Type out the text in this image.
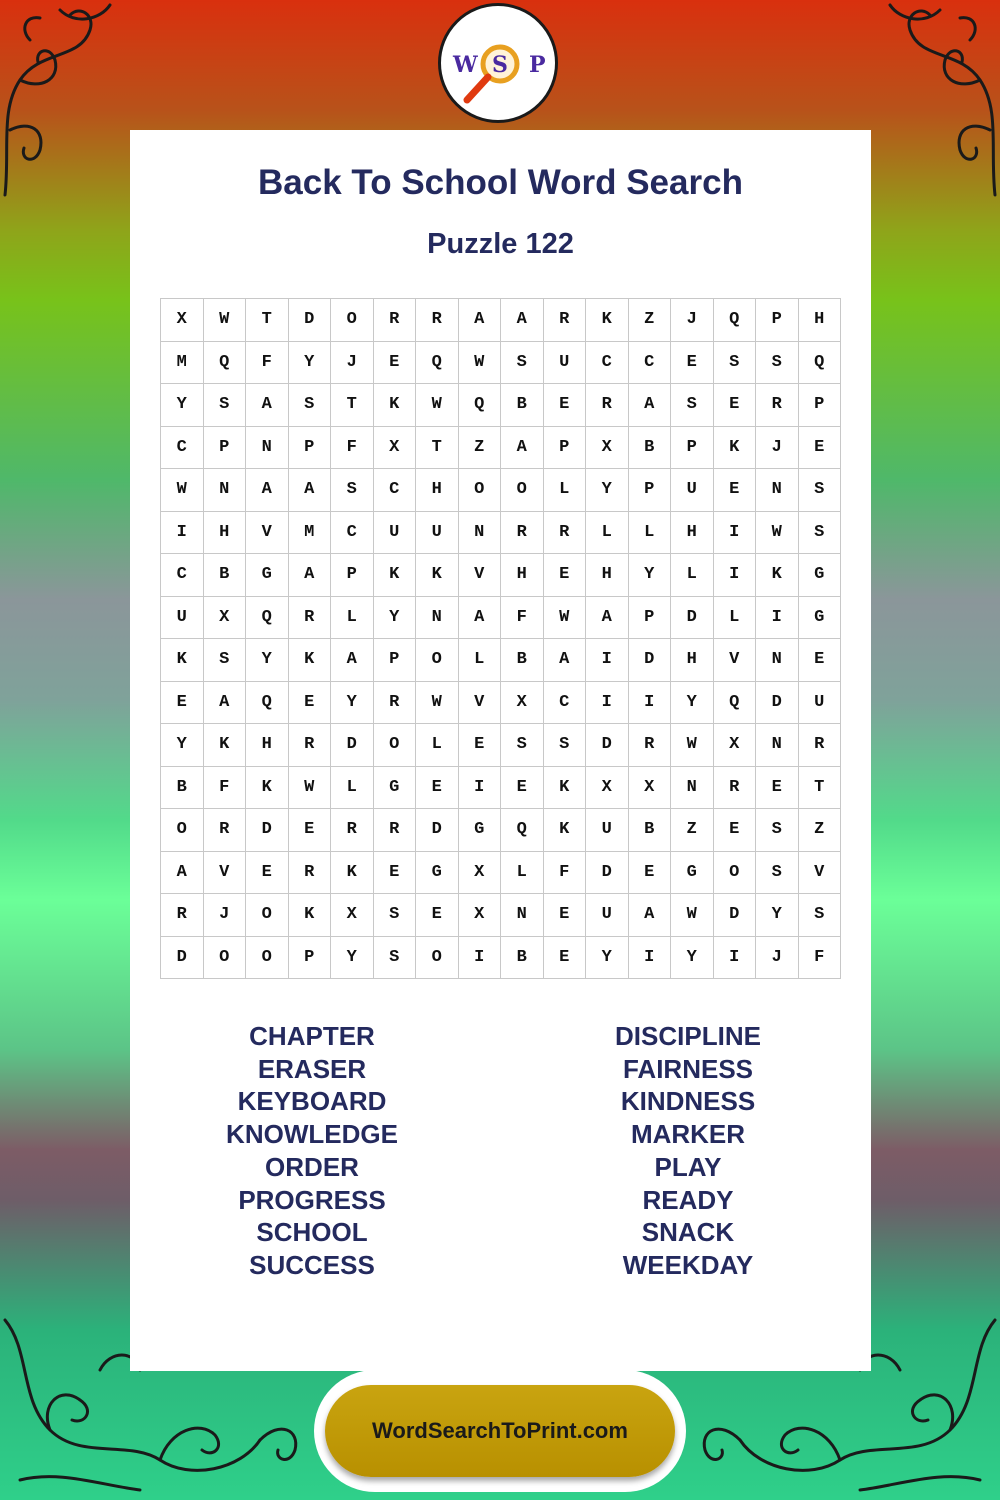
W S P
Back To School Word Search
Puzzle 122
X	W	T	D	O	R	R	A	A	R	K	Z	J	Q	P	H
M	Q	F	Y	J	E	Q	W	S	U	C	C	E	S	S	Q
Y	S	A	S	T	K	W	Q	B	E	R	A	S	E	R	P
C	P	N	P	F	X	T	Z	A	P	X	B	P	K	J	E
W	N	A	A	S	C	H	O	O	L	Y	P	U	E	N	S
I	H	V	M	C	U	U	N	R	R	L	L	H	I	W	S
C	B	G	A	P	K	K	V	H	E	H	Y	L	I	K	G
U	X	Q	R	L	Y	N	A	F	W	A	P	D	L	I	G
K	S	Y	K	A	P	O	L	B	A	I	D	H	V	N	E
E	A	Q	E	Y	R	W	V	X	C	I	I	Y	Q	D	U
Y	K	H	R	D	O	L	E	S	S	D	R	W	X	N	R
B	F	K	W	L	G	E	I	E	K	X	X	N	R	E	T
O	R	D	E	R	R	D	G	Q	K	U	B	Z	E	S	Z
A	V	E	R	K	E	G	X	L	F	D	E	G	O	S	V
R	J	O	K	X	S	E	X	N	E	U	A	W	D	Y	S
D	O	O	P	Y	S	O	I	B	E	Y	I	Y	I	J	F
CHAPTER
ERASER
KEYBOARD
KNOWLEDGE
ORDER
PROGRESS
SCHOOL
SUCCESS
DISCIPLINE
FAIRNESS
KINDNESS
MARKER
PLAY
READY
SNACK
WEEKDAY
WordSearchToPrint.com
